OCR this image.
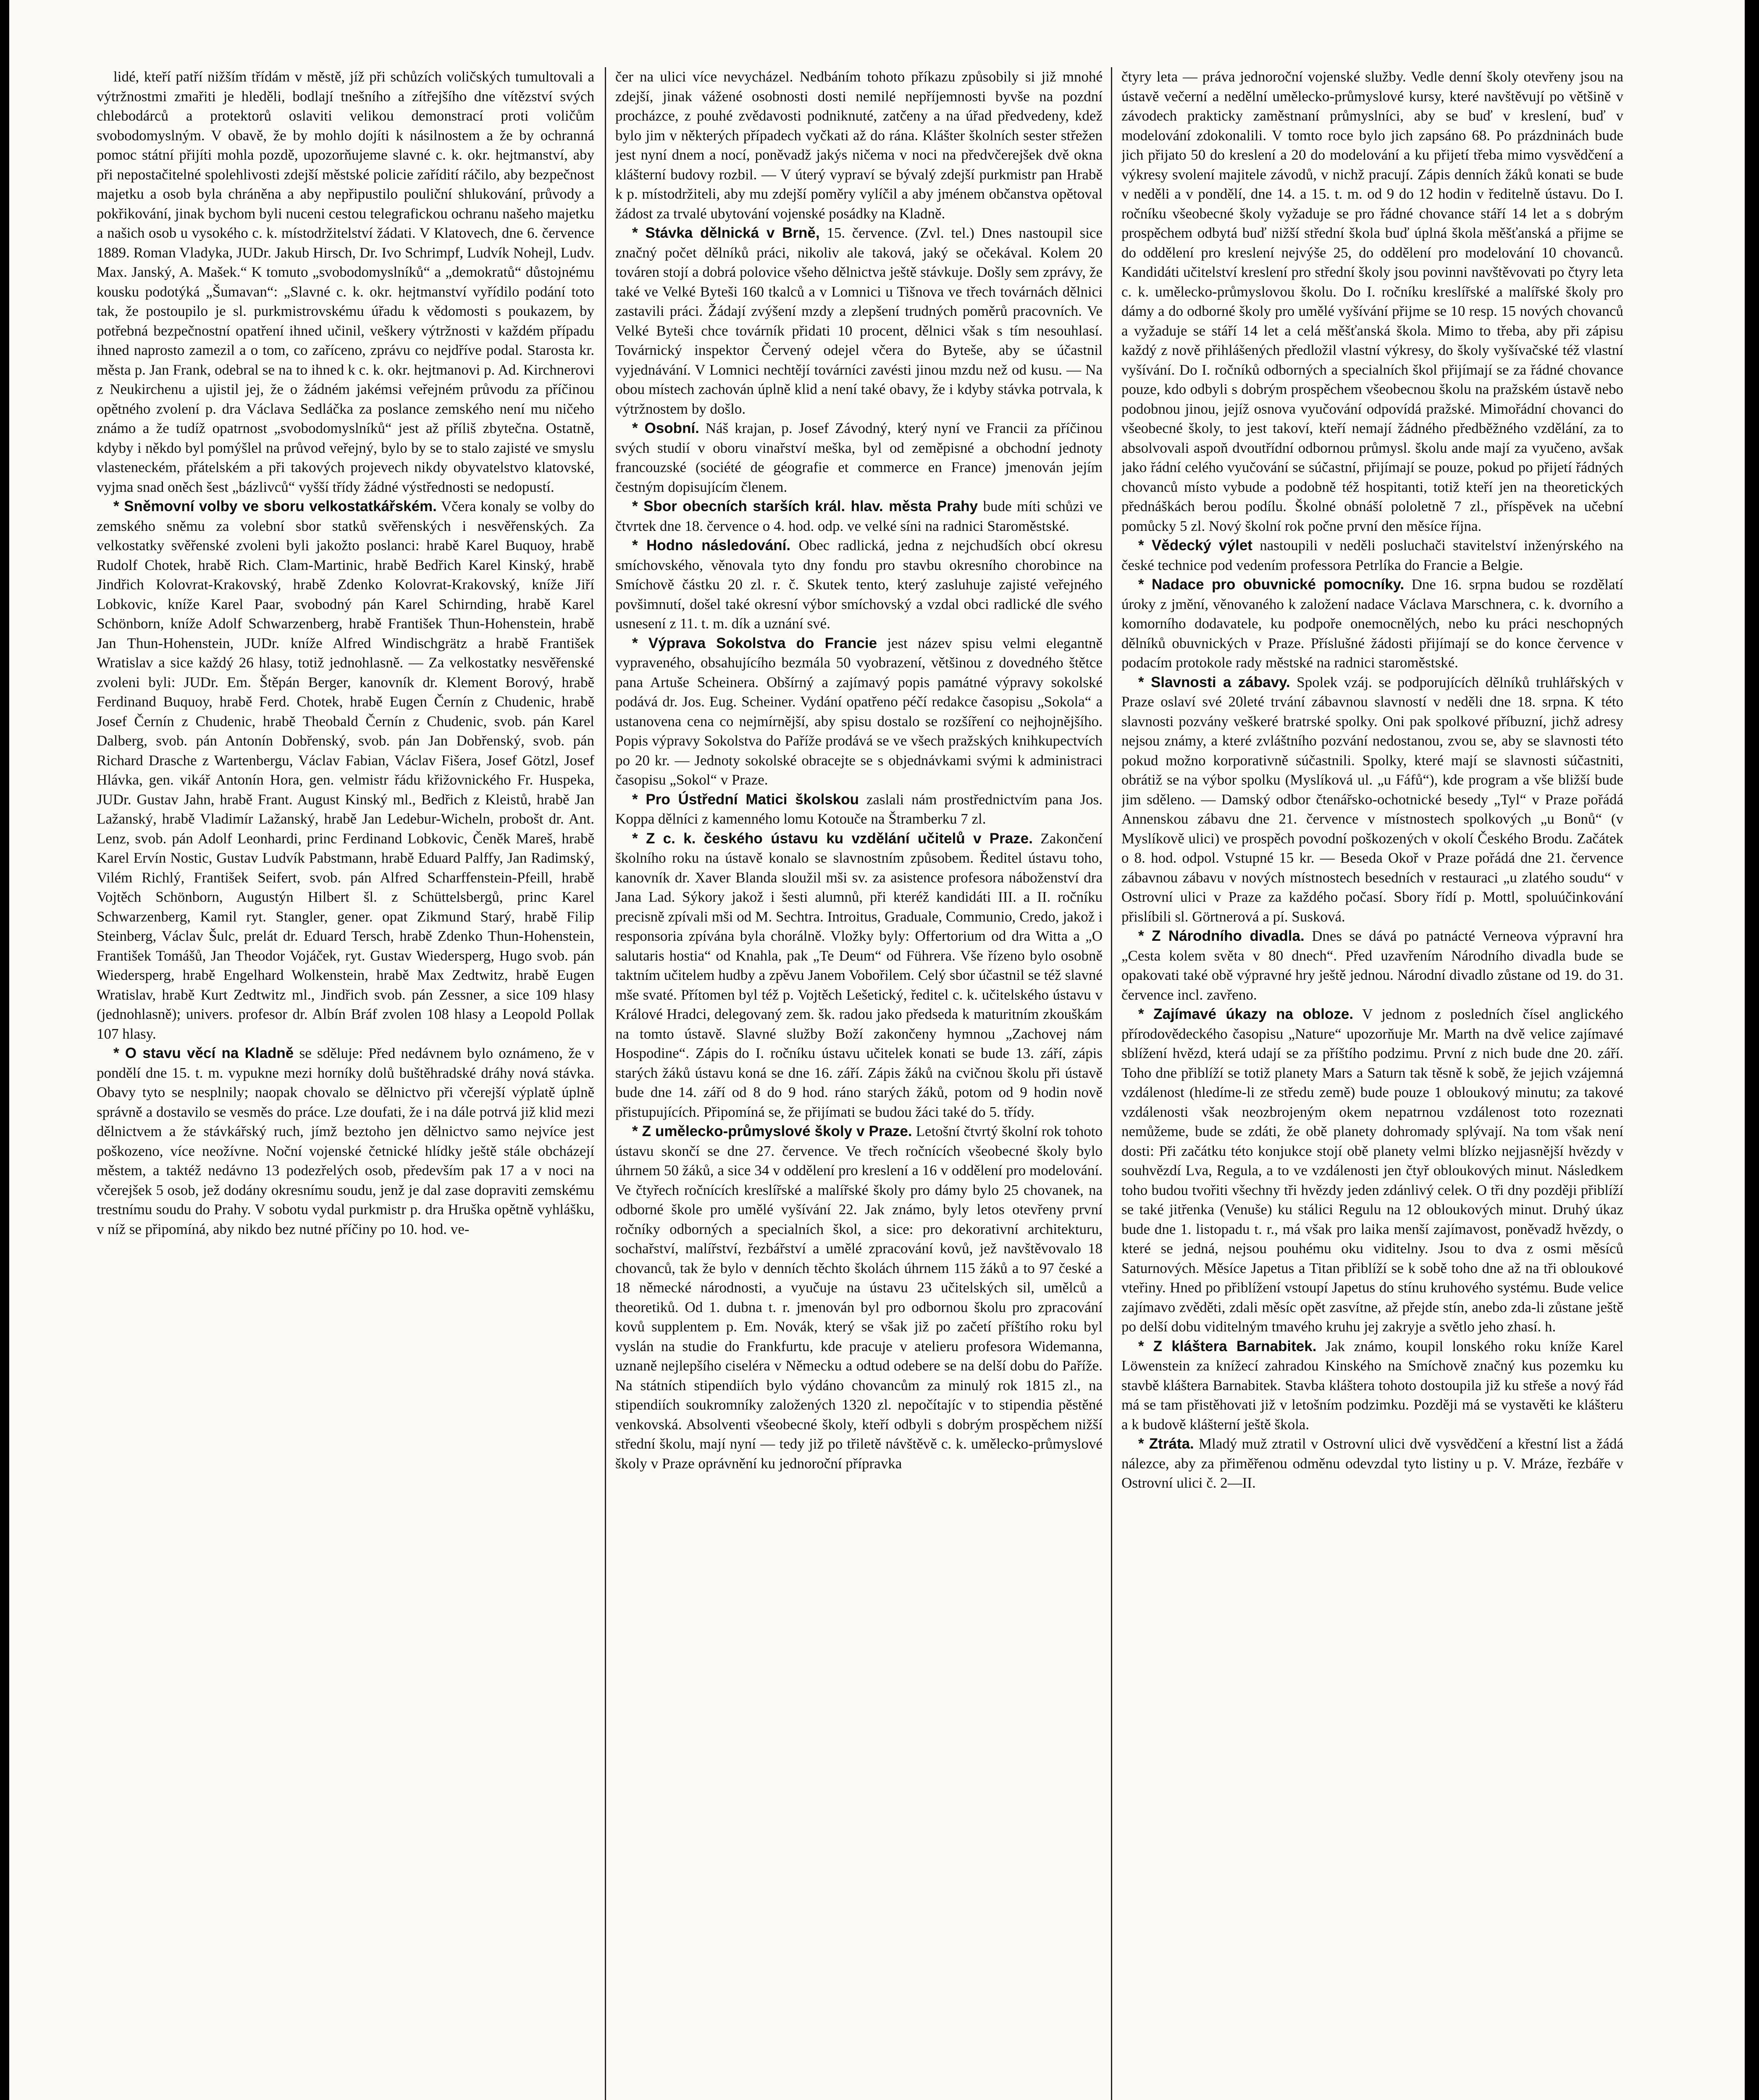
lidé, kteří patří nižším třídám v městě, jíž při schůzích voličských tumultovali a výtržnostmi zmařiti je hleděli, bodlají tnešního a zítřejšího dne vítězství svých chlebodárců a protektorů oslaviti velikou demonstrací proti voličům svobodomyslným. V obavě, že by mohlo dojíti k násilnostem a že by ochranná pomoc státní přijíti mohla pozdě, upozorňujeme slavné c. k. okr. hejtmanství, aby při nepostačitelné spolehlivosti zdejší městské policie zařídití ráčilo, aby bezpečnost majetku a osob byla chráněna a aby nepřipustilo pouliční shlukování, průvody a pokřikování, jinak bychom byli nuceni cestou telegrafickou ochranu našeho majetku a našich osob u vysokého c. k. místodržitelství žádati. V Klatovech, dne 6. července 1889. Roman Vladyka, JUDr. Jakub Hirsch, Dr. Ivo Schrimpf, Ludvík Nohejl, Ludv. Max. Janský, A. Mašek.“ K tomuto „svobodomyslníků“ a „demokratů“ důstojnému kousku podotýká „Šumavan“: „Slavné c. k. okr. hejtmanství vyřídilo podání toto tak, že postoupilo je sl. purkmistrovskému úřadu k vědomosti s poukazem, by potřebná bezpečnostní opatření ihned učinil, veškery výtržnosti v každém případu ihned naprosto zamezil a o tom, co zaříceno, zprávu co nejdříve podal. Starosta kr. města p. Jan Frank, odebral se na to ihned k c. k. okr. hejtmanovi p. Ad. Kirchnerovi z Neukirchenu a ujistil jej, že o žádném jakémsi veřejném průvodu za příčinou opětného zvolení p. dra Václava Sedláčka za poslance zemského není mu ničeho známo a že tudíž opatrnost „svobodomyslníků“ jest až příliš zbytečna. Ostatně, kdyby i někdo byl pomýšlel na průvod veřejný, bylo by se to stalo zajisté ve smyslu vlasteneckém, přátelském a při takových projevech nikdy obyvatelstvo klatovské, vyjma snad oněch šest „bázlivců“ vyšší třídy žádné výstřednosti se nedopustí.

* Sněmovní volby ve sboru velkostatkářském. Včera konaly se volby do zemského sněmu za volební sbor statků svěřenských i nesvěřenských. Za velkostatky svěřenské zvoleni byli jakožto poslanci: hrabě Karel Buquoy, hrabě Rudolf Chotek, hrabě Rich. Clam-Martinic, hrabě Bedřich Karel Kinský, hrabě Jindřich Kolovrat-Krakovský, hrabě Zdenko Kolovrat-Krakovský, kníže Jiří Lobkovic, kníže Karel Paar, svobodný pán Karel Schirnding, hrabě Karel Schönborn, kníže Adolf Schwarzenberg, hrabě František Thun-Hohenstein, hrabě Jan Thun-Hohenstein, JUDr. kníže Alfred Windischgrätz a hrabě František Wratislav a sice každý 26 hlasy, totiž jednohlasně. — Za velkostatky nesvěřenské zvoleni byli: JUDr. Em. Štěpán Berger, kanovník dr. Klement Borový, hrabě Ferdinand Buquoy, hrabě Ferd. Chotek, hrabě Eugen Černín z Chudenic, hrabě Josef Černín z Chudenic, hrabě Theobald Černín z Chudenic, svob. pán Karel Dalberg, svob. pán Antonín Dobřenský, svob. pán Jan Dobřenský, svob. pán Richard Drasche z Wartenbergu, Václav Fabian, Václav Fišera, Josef Götzl, Josef Hlávka, gen. vikář Antonín Hora, gen. velmistr řádu křižovnického Fr. Huspeka, JUDr. Gustav Jahn, hrabě Frant. August Kinský ml., Bedřich z Kleistů, hrabě Jan Lažanský, hrabě Vladimír Lažanský, hrabě Jan Ledebur-Wicheln, probošt dr. Ant. Lenz, svob. pán Adolf Leonhardi, princ Ferdinand Lobkovic, Čeněk Mareš, hrabě Karel Ervín Nostic, Gustav Ludvík Pabstmann, hrabě Eduard Palffy, Jan Radimský, Vilém Richlý, František Seifert, svob. pán Alfred Scharffenstein-Pfeill, hrabě Vojtěch Schönborn, Augustýn Hilbert šl. z Schüttelsbergů, princ Karel Schwarzenberg, Kamil ryt. Stangler, gener. opat Zikmund Starý, hrabě Filip Steinberg, Václav Šulc, prelát dr. Eduard Tersch, hrabě Zdenko Thun-Hohenstein, František Tomášů, Jan Theodor Vojáček, ryt. Gustav Wiedersperg, Hugo svob. pán Wiedersperg, hrabě Engelhard Wolkenstein, hrabě Max Zedtwitz, hrabě Eugen Wratislav, hrabě Kurt Zedtwitz ml., Jindřich svob. pán Zessner, a sice 109 hlasy (jednohlasně); univers. profesor dr. Albín Bráf zvolen 108 hlasy a Leopold Pollak 107 hlasy.

* O stavu věcí na Kladně se sděluje: Před nedávnem bylo oznámeno, že v pondělí dne 15. t. m. vypukne mezi horníky dolů buštěhradské dráhy nová stávka. Obavy tyto se nesplnily; naopak chovalo se dělnictvo při včerejší výplatě úplně správně a dostavilo se vesměs do práce. Lze doufati, že i na dále potrvá již klid mezi dělnictvem a že stávkářský ruch, jímž beztoho jen dělnictvo samo nejvíce jest poškozeno, více neožívne. Noční vojenské četnické hlídky ještě stále obcházejí městem, a taktéž nedávno 13 podezřelých osob, především pak 17 a v noci na včerejšek 5 osob, jež dodány okresnímu soudu, jenž je dal zase dopraviti zemskému trestnímu soudu do Prahy. V sobotu vydal purkmistr p. dra Hruška opětně vyhlášku, v níž se připomíná, aby nikdo bez nutné příčiny po 10. hod. ve-

čer na ulici více nevycházel. Nedbáním tohoto příkazu způsobily si již mnohé zdejší, jinak vážené osobnosti dosti nemilé nepříjemnosti byvše na pozdní procházce, z pouhé zvědavosti podniknuté, zatčeny a na úřad předvedeny, kdež bylo jim v některých případech vyčkati až do rána. Klášter školních sester střežen jest nyní dnem a nocí, poněvadž jakýs ničema v noci na předvčerejšek dvě okna klášterní budovy rozbil. — V úterý vypraví se bývalý zdejší purkmistr pan Hrabě k p. místodržiteli, aby mu zdejší poměry vylíčil a aby jménem občanstva opětoval žádost za trvalé ubytování vojenské posádky na Kladně.

* Stávka dělnická v Brně, 15. července. (Zvl. tel.) Dnes nastoupil sice značný počet dělníků práci, nikoliv ale taková, jaký se očekával. Kolem 20 továren stojí a dobrá polovice všeho dělnictva ještě stávkuje. Došly sem zprávy, že také ve Velké Byteši 160 tkalců a v Lomnici u Tišnova ve třech továrnách dělnici zastavili práci. Žádají zvýšení mzdy a zlepšení trudných poměrů pracovních. Ve Velké Byteši chce továrník přidati 10 procent, dělnici však s tím nesouhlasí. Továrnický inspektor Červený odejel včera do Byteše, aby se účastnil vyjednávání. V Lomnici nechtějí továrníci zavésti jinou mzdu než od kusu. — Na obou místech zachován úplně klid a není také obavy, že i kdyby stávka potrvala, k výtržnostem by došlo.

* Osobní. Náš krajan, p. Josef Závodný, který nyní ve Francii za příčinou svých studií v oboru vinařství meška, byl od zeměpisné a obchodní jednoty francouzské (société de géografie et commerce en France) jmenován jejím čestným dopisujícím členem.

* Sbor obecních starších král. hlav. města Prahy bude míti schůzi ve čtvrtek dne 18. července o 4. hod. odp. ve velké síni na radnici Staroměstské.

* Hodno následování. Obec radlická, jedna z nejchudších obcí okresu smíchovského, věnovala tyto dny fondu pro stavbu okresního chorobince na Smíchově částku 20 zl. r. č. Skutek tento, který zasluhuje zajisté veřejného povšimnutí, došel také okresní výbor smíchovský a vzdal obci radlické dle svého usnesení z 11. t. m. dík a uznání své.

* Výprava Sokolstva do Francie jest název spisu velmi elegantně vypraveného, obsahujícího bezmála 50 vyobrazení, většinou z dovedného štětce pana Artuše Scheinera. Obšírný a zajímavý popis památné výpravy sokolské podává dr. Jos. Eug. Scheiner. Vydání opatřeno péčí redakce časopisu „Sokola“ a ustanovena cena co nejmírnější, aby spisu dostalo se rozšíření co nejhojnějšího. Popis výpravy Sokolstva do Paříže prodává se ve všech pražských knihkupectvích po 20 kr. — Jednoty sokolské obracejte se s objednávkami svými k administraci časopisu „Sokol“ v Praze.

* Pro Ústřední Matici školskou zaslali nám prostřednictvím pana Jos. Koppa dělníci z kamenného lomu Kotouče na Štramberku 7 zl.

* Z c. k. českého ústavu ku vzdělání učitelů v Praze. Zakončení školního roku na ústavě konalo se slavnostním způsobem. Ředitel ústavu toho, kanovník dr. Xaver Blanda sloužil mši sv. za asistence profesora náboženství dra Jana Lad. Sýkory jakož i šesti alumnů, při kteréž kandidáti III. a II. ročníku precisně zpívali mši od M. Sechtra. Introitus, Graduale, Communio, Credo, jakož i responsoria zpívána byla chorálně. Vložky byly: Offertorium od dra Witta a „O salutaris hostia“ od Knahla, pak „Te Deum“ od Führera. Vše řízeno bylo osobně taktním učitelem hudby a zpěvu Janem Vobořilem. Celý sbor účastnil se též slavné mše svaté. Přítomen byl též p. Vojtěch Lešetický, ředitel c. k. učitelského ústavu v Králové Hradci, delegovaný zem. šk. radou jako předseda k maturitním zkouškám na tomto ústavě. Slavné služby Boží zakončeny hymnou „Zachovej nám Hospodine“. Zápis do I. ročníku ústavu učitelek konati se bude 13. září, zápis starých žáků ústavu koná se dne 16. září. Zápis žáků na cvičnou školu při ústavě bude dne 14. září od 8 do 9 hod. ráno starých žáků, potom od 9 hodin nově přistupujících. Připomíná se, že přijímati se budou žáci také do 5. třídy.

* Z umělecko-průmyslové školy v Praze. Letošní čtvrtý školní rok tohoto ústavu skončí se dne 27. července. Ve třech ročnících všeobecné školy bylo úhrnem 50 žáků, a sice 34 v oddělení pro kreslení a 16 v oddělení pro modelování. Ve čtyřech ročnících kreslířské a malířské školy pro dámy bylo 25 chovanek, na odborné škole pro umělé vyšívání 22. Jak známo, byly letos otevřeny první ročníky odborných a specialních škol, a sice: pro dekorativní architekturu, sochařství, malířství, řezbářství a umělé zpracování kovů, jež navštěvovalo 18 chovanců, tak že bylo v denních těchto školách úhrnem 115 žáků a to 97 české a 18 německé národnosti, a vyučuje na ústavu 23 učitelských sil, umělců a theoretiků. Od 1. dubna t. r. jmenován byl pro odbornou školu pro zpracování kovů supplentem p. Em. Novák, který se však již po začetí příštího roku byl vyslán na studie do Frankfurtu, kde pracuje v atelieru profesora Widemanna, uznaně nejlepšího ciseléra v Německu a odtud odebere se na delší dobu do Paříže. Na státních stipendiích bylo výdáno chovancům za minulý rok 1815 zl., na stipendiích soukromníky založených 1320 zl. nepočítajíc v to stipendia pěstěné venkovská. Absolventi všeobecné školy, kteří odbyli s dobrým prospěchem nižší střední školu, mají nyní — tedy již po třiletě návštěvě c. k. umělecko-průmyslové školy v Praze oprávnění ku jednoroční přípravka

čtyry leta — práva jednoroční vojenské služby. Vedle denní školy otevřeny jsou na ústavě večerní a nedělní umělecko-průmyslové kursy, které navštěvují po většině v závodech prakticky zaměstnaní průmyslníci, aby se buď v kreslení, buď v modelování zdokonalili. V tomto roce bylo jich zapsáno 68. Po prázdninách bude jich přijato 50 do kreslení a 20 do modelování a ku přijetí třeba mimo vysvědčení a výkresy svolení majitele závodů, v nichž pracují. Zápis denních žáků konati se bude v neděli a v pondělí, dne 14. a 15. t. m. od 9 do 12 hodin v ředitelně ústavu. Do I. ročníku všeobecné školy vyžaduje se pro řádné chovance stáří 14 let a s dobrým prospěchem odbytá buď nižší střední škola buď úplná škola měšťanská a přijme se do oddělení pro kreslení nejvýše 25, do oddělení pro modelování 10 chovanců. Kandidáti učitelství kreslení pro střední školy jsou povinni navštěvovati po čtyry leta c. k. umělecko-průmyslovou školu. Do I. ročníku kreslířské a malířské školy pro dámy a do odborné školy pro umělé vyšívání přijme se 10 resp. 15 nových chovanců a vyžaduje se stáří 14 let a celá měšťanská škola. Mimo to třeba, aby při zápisu každý z nově přihlášených předložil vlastní výkresy, do školy vyšívačské též vlastní vyšívání. Do I. ročníků odborných a specialních škol přijímají se za řádné chovance pouze, kdo odbyli s dobrým prospěchem všeobecnou školu na pražském ústavě nebo podobnou jinou, jejíž osnova vyučování odpovídá pražské. Mimořádní chovanci do všeobecné školy, to jest takoví, kteří nemají žádného předběžného vzdělání, za to absolvovali aspoň dvoutřídní odbornou průmysl. školu ande mají za vyučeno, avšak jako řádní celého vyučování se súčastní, přijímají se pouze, pokud po přijetí řádných chovanců místo vybude a podobně též hospitanti, totiž kteří jen na theoretických přednáškách berou podílu. Školné obnáší pololetně 7 zl., příspěvek na učební pomůcky 5 zl. Nový školní rok počne první den měsíce října.

* Vědecký výlet nastoupili v neděli posluchači stavitelství inženýrského na české technice pod vedením professora Petrlíka do Francie a Belgie.

* Nadace pro obuvnické pomocníky. Dne 16. srpna budou se rozdělatí úroky z jmění, věnovaného k založení nadace Václava Marschnera, c. k. dvorního a komorního dodavatele, ku podpoře onemocnělých, nebo ku práci neschopných dělníků obuvnických v Praze. Příslušné žádosti přijímají se do konce července v podacím protokole rady městské na radnici staroměstské.

* Slavnosti a zábavy. Spolek vzáj. se podporujících dělníků truhlářských v Praze oslaví své 20leté trvání zábavnou slavností v neděli dne 18. srpna. K této slavnosti pozvány veškeré bratrské spolky. Oni pak spolkové příbuzní, jichž adresy nejsou známy, a které zvláštního pozvání nedostanou, zvou se, aby se slavnosti této pokud možno korporativně súčastnili. Spolky, které mají se slavnosti súčastniti, obrátiž se na výbor spolku (Myslíková ul. „u Fáfů“), kde program a vše bližší bude jim sděleno. — Damský odbor čtenářsko-ochotnické besedy „Tyl“ v Praze pořádá Annenskou zábavu dne 21. července v místnostech spolkových „u Bonů“ (v Myslíkově ulici) ve prospěch povodní poškozených v okolí Českého Brodu. Začátek o 8. hod. odpol. Vstupné 15 kr. — Beseda Okoř v Praze pořádá dne 21. července zábavnou zábavu v nových místnostech besedních v restauraci „u zlatého soudu“ v Ostrovní ulici v Praze za každého počasí. Sbory řídí p. Mottl, spoluúčinkování přislíbili sl. Görtnerová a pí. Susková.

* Z Národního divadla. Dnes se dává po patnácté Verneova výpravní hra „Cesta kolem světa v 80 dnech“. Před uzavřením Národního divadla bude se opakovati také obě výpravné hry ještě jednou. Národní divadlo zůstane od 19. do 31. července incl. zavřeno.

* Zajímavé úkazy na obloze. V jednom z posledních čísel anglického přírodovědeckého časopisu „Nature“ upozorňuje Mr. Marth na dvě velice zajímavé sblížení hvězd, která udají se za příštího podzimu. První z nich bude dne 20. září. Toho dne přiblíží se totiž planety Mars a Saturn tak těsně k sobě, že jejich vzájemná vzdálenost (hledíme-li ze středu země) bude pouze 1 obloukový minutu; za takové vzdálenosti však neozbrojeným okem nepatrnou vzdálenost toto rozeznati nemůžeme, bude se zdáti, že obě planety dohromady splývají. Na tom však není dosti: Při začátku této konjukce stojí obě planety velmi blízko nejjasnější hvězdy v souhvězdí Lva, Regula, a to ve vzdálenosti jen čtyř obloukových minut. Následkem toho budou tvořiti všechny tři hvězdy jeden zdánlivý celek. O tři dny později přiblíží se také jitřenka (Venuše) ku stálici Regulu na 12 obloukových minut. Druhý úkaz bude dne 1. listopadu t. r., má však pro laika menší zajímavost, poněvadž hvězdy, o které se jedná, nejsou pouhému oku viditelny. Jsou to dva z osmi měsíců Saturnových. Měsíce Japetus a Titan přiblíží se k sobě toho dne až na tři obloukové vteřiny. Hned po přiblížení vstoupí Japetus do stínu kruhového systému. Bude velice zajímavo zvěděti, zdali měsíc opět zasvítne, až přejde stín, anebo zda-li zůstane ještě po delší dobu viditelným tmavého kruhu jej zakryje a světlo jeho zhasí. h.

* Z kláštera Barnabitek. Jak známo, koupil lonského roku kníže Karel Löwenstein za knížecí zahradou Kinského na Smíchově značný kus pozemku ku stavbě kláštera Barnabitek. Stavba kláštera tohoto dostoupila již ku střeše a nový řád má se tam přistěhovati již v letošním podzimku. Později má se vystavěti ke klášteru a k budově klášterní ještě škola.

* Ztráta. Mladý muž ztratil v Ostrovní ulici dvě vysvědčení a křestní list a žádá nálezce, aby za přiměřenou odměnu odevzdal tyto listiny u p. V. Mráze, řezbáře v Ostrovní ulici č. 2—II.
